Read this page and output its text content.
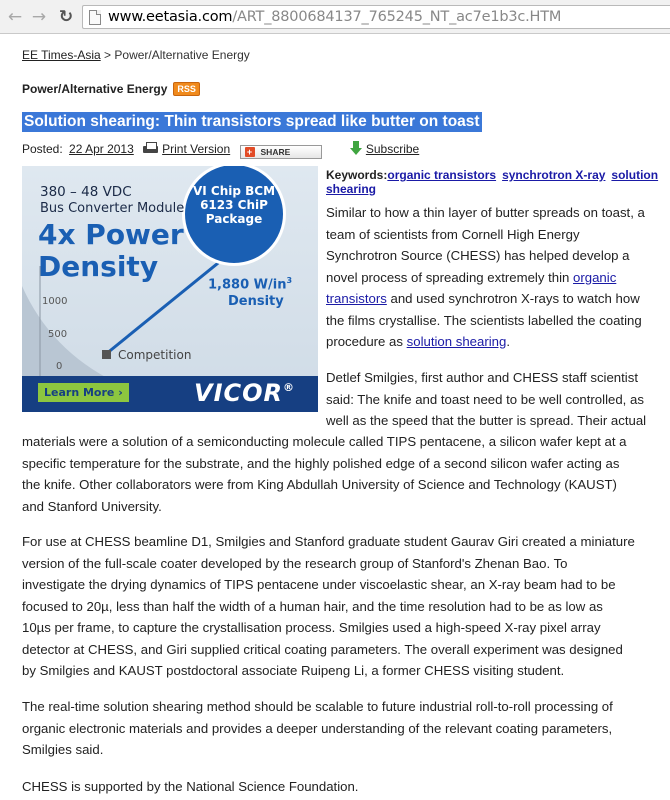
← → ↻ www.eetasia.com/ART_8800684137_765245_NT_ac7e1b3c.HTM
EE Times-Asia > Power/Alternative Energy
Power/Alternative Energy RSS
Solution shearing: Thin transistors spread like butter on toast
Posted: 22 Apr 2013 Print Version + SHARE	Subscribe
VI Chip BCM
6123 ChiP
Package
380 – 48 VDC
Bus Converter Module
4x Power
Density
1,880 $W/in^3$
Density
1000
500
0
Competition
Learn More ›	VICOR®
Keywords:organic transistors synchrotron X-ray solution
shearing
Similar to how a thin layer of butter spreads on toast, a
team of scientists from Cornell High Energy
Synchrotron Source (CHESS) has helped develop a
novel process of spreading extremely thin organic
transistors and used synchrotron X-rays to watch how
the films crystallise. The scientists labelled the coating
procedure as solution shearing.
Detlef Smilgies, first author and CHESS staff scientist
said: The knife and toast need to be well controlled, as
well as the speed that the butter is spread. Their actual
materials were a solution of a semiconducting molecule called TIPS pentacene, a silicon wafer kept at a
specific temperature for the substrate, and the highly polished edge of a second silicon wafer acting as
the knife. Other collaborators were from King Abdullah University of Science and Technology (KAUST)
and Stanford University.
For use at CHESS beamline D1, Smilgies and Stanford graduate student Gaurav Giri created a miniature
version of the full-scale coater developed by the research group of Stanford's Zhenan Bao. To
investigate the drying dynamics of TIPS pentacene under viscoelastic shear, an X-ray beam had to be
focused to 20µ, less than half the width of a human hair, and the time resolution had to be as low as
10µs per frame, to capture the crystallisation process. Smilgies used a high-speed X-ray pixel array
detector at CHESS, and Giri supplied critical coating parameters. The overall experiment was designed
by Smilgies and KAUST postdoctoral associate Ruipeng Li, a former CHESS visiting student.
The real-time solution shearing method should be scalable to future industrial roll-to-roll processing of
organic electronic materials and provides a deeper understanding of the relevant coating parameters,
Smilgies said.
CHESS is supported by the National Science Foundation.
